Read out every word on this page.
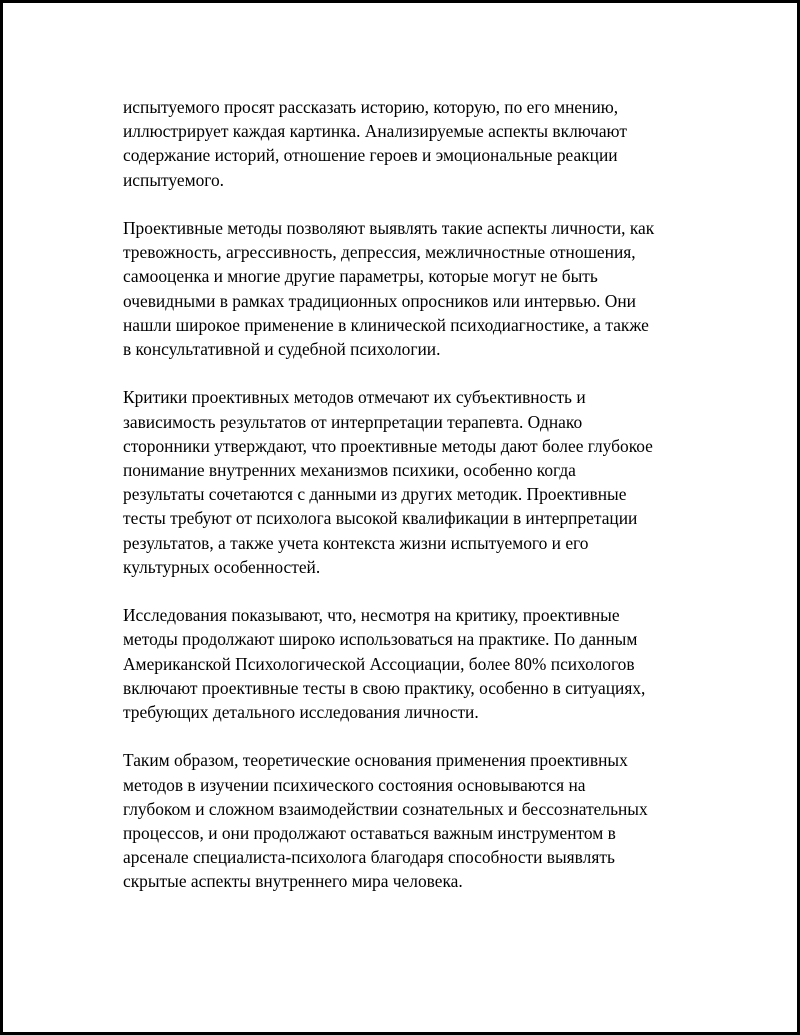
испытуемого просят рассказать историю, которую, по его мнению,
иллюстрирует каждая картинка. Анализируемые аспекты включают
содержание историй, отношение героев и эмоциональные реакции
испытуемого.

Проективные методы позволяют выявлять такие аспекты личности, как
тревожность, агрессивность, депрессия, межличностные отношения,
самооценка и многие другие параметры, которые могут не быть
очевидными в рамках традиционных опросников или интервью. Они
нашли широкое применение в клинической психодиагностике, а также
в консультативной и судебной психологии.

Критики проективных методов отмечают их субъективность и
зависимость результатов от интерпретации терапевта. Однако
сторонники утверждают, что проективные методы дают более глубокое
понимание внутренних механизмов психики, особенно когда
результаты сочетаются с данными из других методик. Проективные
тесты требуют от психолога высокой квалификации в интерпретации
результатов, а также учета контекста жизни испытуемого и его
культурных особенностей.

Исследования показывают, что, несмотря на критику, проективные
методы продолжают широко использоваться на практике. По данным
Американской Психологической Ассоциации, более 80% психологов
включают проективные тесты в свою практику, особенно в ситуациях,
требующих детального исследования личности.

Таким образом, теоретические основания применения проективных
методов в изучении психического состояния основываются на
глубоком и сложном взаимодействии сознательных и бессознательных
процессов, и они продолжают оставаться важным инструментом в
арсенале специалиста-психолога благодаря способности выявлять
скрытые аспекты внутреннего мира человека.
